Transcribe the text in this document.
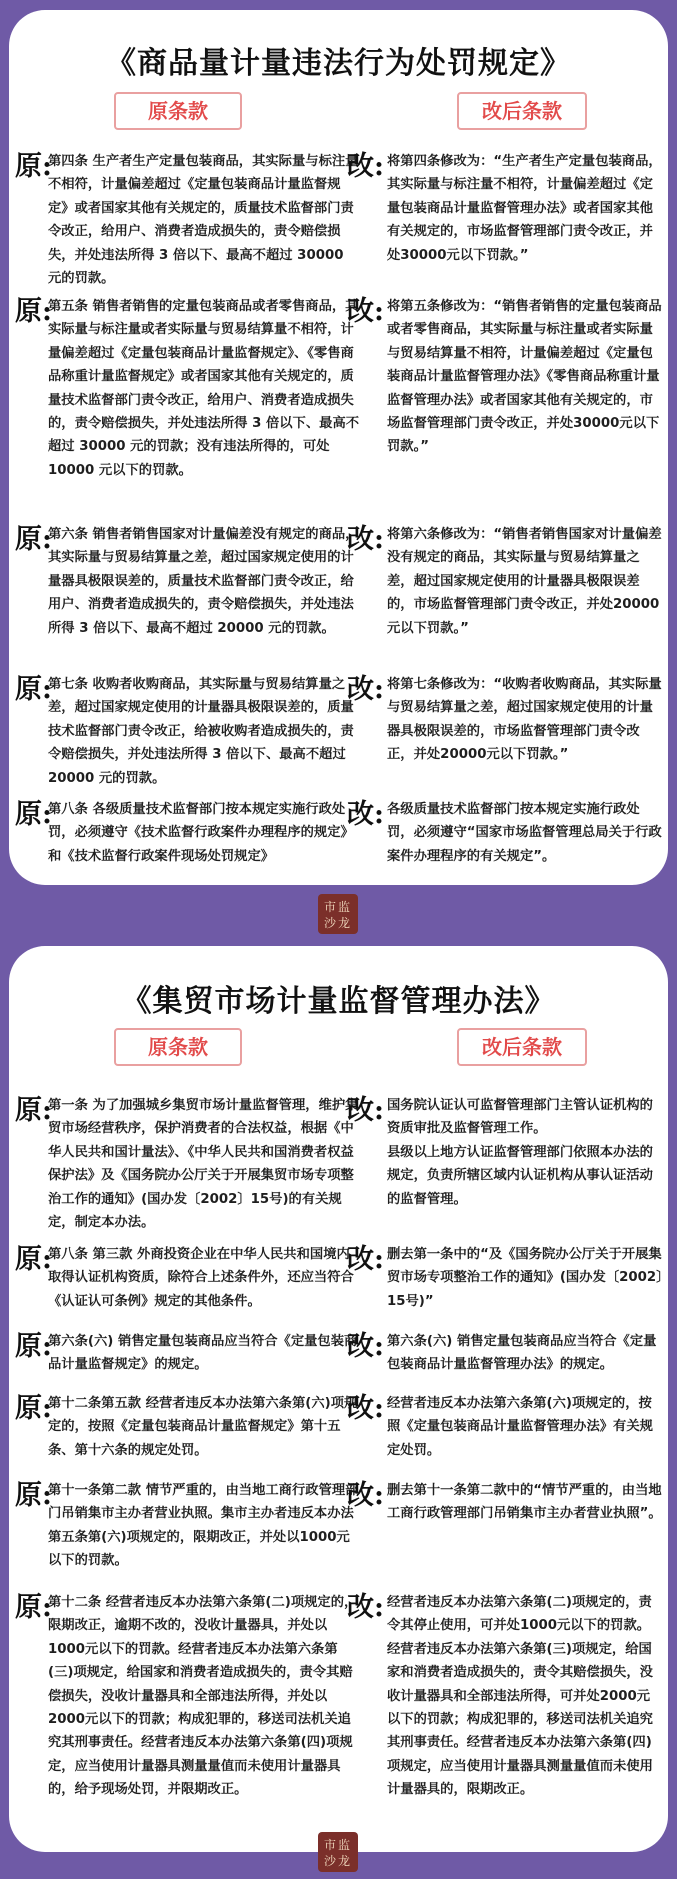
《商品量计量违法行为处罚规定》
原条款	改后条款
原:
第四条 生产者生产定量包装商品，其实际量与标注量不相符，计量偏差超过《定量包装商品计量监督规定》或者国家其他有关规定的，质量技术监督部门责令改正，给用户、消费者造成损失的，责令赔偿损失，并处违法所得 3 倍以下、最高不超过 30000 元的罚款。
改: 将第四条修改为：“生产者生产定量包装商品，其实际量与标注量不相符，计量偏差超过《定量包装商品计量监督管理办法》或者国家其他有关规定的，市场监督管理部门责令改正，并处30000元以下罚款。”
原:
第五条 销售者销售的定量包装商品或者零售商品，其实际量与标注量或者实际量与贸易结算量不相符，计量偏差超过《定量包装商品计量监督规定》、《零售商品称重计量监督规定》或者国家其他有关规定的，质量技术监督部门责令改正，给用户、消费者造成损失的，责令赔偿损失，并处违法所得 3 倍以下、最高不超过 30000 元的罚款；没有违法所得的，可处 10000 元以下的罚款。
改: 将第五条修改为：“销售者销售的定量包装商品或者零售商品，其实际量与标注量或者实际量与贸易结算量不相符，计量偏差超过《定量包装商品计量监督管理办法》《零售商品称重计量监督管理办法》或者国家其他有关规定的，市场监督管理部门责令改正，并处30000元以下罚款。”
原:
第六条 销售者销售国家对计量偏差没有规定的商品，其实际量与贸易结算量之差，超过国家规定使用的计量器具极限误差的，质量技术监督部门责令改正，给用户、消费者造成损失的，责令赔偿损失，并处违法所得 3 倍以下、最高不超过 20000 元的罚款。
改: 将第六条修改为：“销售者销售国家对计量偏差没有规定的商品，其实际量与贸易结算量之差，超过国家规定使用的计量器具极限误差的，市场监督管理部门责令改正，并处20000元以下罚款。”
原:
第七条 收购者收购商品，其实际量与贸易结算量之差，超过国家规定使用的计量器具极限误差的，质量技术监督部门责令改正，给被收购者造成损失的，责令赔偿损失，并处违法所得 3 倍以下、最高不超过 20000 元的罚款。
改: 将第七条修改为：“收购者收购商品，其实际量与贸易结算量之差，超过国家规定使用的计量器具极限误差的，市场监督管理部门责令改正，并处20000元以下罚款。”
原:
第八条 各级质量技术监督部门按本规定实施行政处罚，必须遵守《技术监督行政案件办理程序的规定》和《技术监督行政案件现场处罚规定》
改: 各级质量技术监督部门按本规定实施行政处罚，必须遵守“国家市场监督管理总局关于行政案件办理程序的有关规定”。
市监
沙龙
《集贸市场计量监督管理办法》
原条款	改后条款
原:
第一条 为了加强城乡集贸市场计量监督管理，维护集贸市场经营秩序，保护消费者的合法权益，根据《中华人民共和国计量法》、《中华人民共和国消费者权益保护法》及《国务院办公厅关于开展集贸市场专项整治工作的通知》(国办发〔2002〕15号)的有关规定，制定本办法。
改: 国务院认证认可监督管理部门主管认证机构的资质审批及监督管理工作。
县级以上地方认证监督管理部门依照本办法的规定，负责所辖区域内认证机构从事认证活动的监督管理。
原:
第八条 第三款 外商投资企业在中华人民共和国境内取得认证机构资质，除符合上述条件外，还应当符合《认证认可条例》规定的其他条件。
改: 删去第一条中的“及《国务院办公厅关于开展集贸市场专项整治工作的通知》(国办发〔2002〕15号)”
原:
第六条(六) 销售定量包装商品应当符合《定量包装商品计量监督规定》的规定。
改: 第六条(六) 销售定量包装商品应当符合《定量包装商品计量监督管理办法》的规定。
原:
第十二条第五款 经营者违反本办法第六条第(六)项规定的，按照《定量包装商品计量监督规定》第十五条、第十六条的规定处罚。
改: 经营者违反本办法第六条第(六)项规定的，按照《定量包装商品计量监督管理办法》有关规定处罚。
原:
第十一条第二款 情节严重的，由当地工商行政管理部门吊销集市主办者营业执照。集市主办者违反本办法第五条第(六)项规定的，限期改正，并处以1000元以下的罚款。
改: 删去第十一条第二款中的“情节严重的，由当地工商行政管理部门吊销集市主办者营业执照”。
原:
第十二条 经营者违反本办法第六条第(二)项规定的，限期改正，逾期不改的，没收计量器具，并处以1000元以下的罚款。经营者违反本办法第六条第(三)项规定，给国家和消费者造成损失的，责令其赔偿损失，没收计量器具和全部违法所得，并处以2000元以下的罚款；构成犯罪的，移送司法机关追究其刑事责任。经营者违反本办法第六条第(四)项规定，应当使用计量器具测量量值而未使用计量器具的，给予现场处罚，并限期改正。
改: 经营者违反本办法第六条第(二)项规定的，责令其停止使用，可并处1000元以下的罚款。经营者违反本办法第六条第(三)项规定，给国家和消费者造成损失的，责令其赔偿损失，没收计量器具和全部违法所得，可并处2000元以下的罚款；构成犯罪的，移送司法机关追究其刑事责任。经营者违反本办法第六条第(四)项规定，应当使用计量器具测量量值而未使用计量器具的，限期改正。
市监
沙龙
